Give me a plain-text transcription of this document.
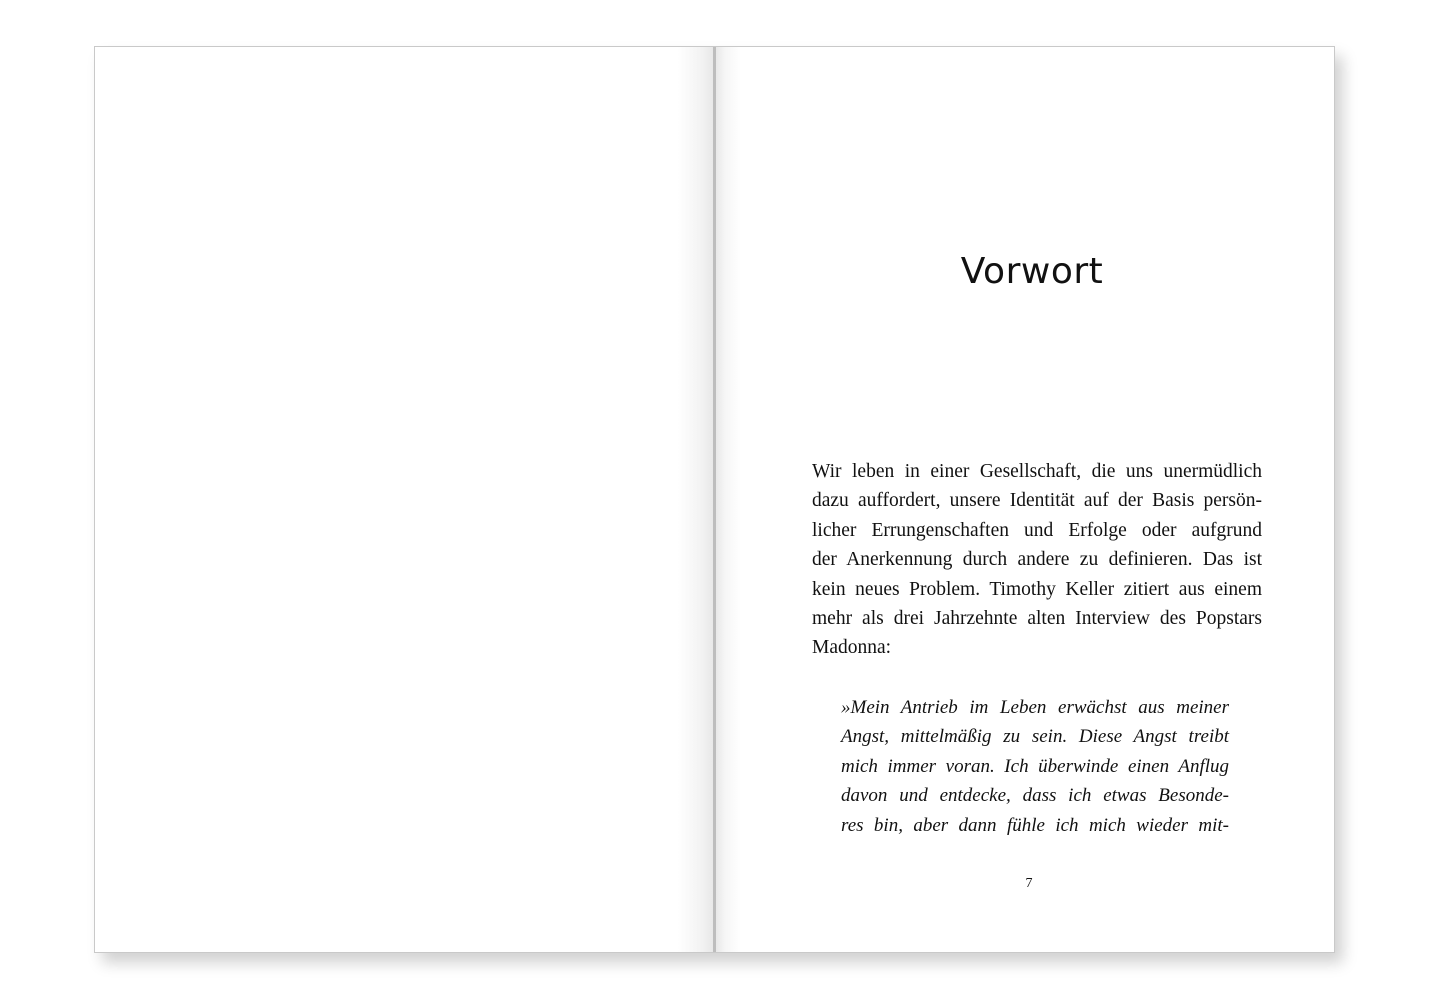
Vorwort

Wir leben in einer Gesellschaft, die uns unermüdlich
dazu auffordert, unsere Identität auf der Basis persön-
licher Errungenschaften und Erfolge oder aufgrund
der Anerkennung durch andere zu definieren. Das ist
kein neues Problem. Timothy Keller zitiert aus einem
mehr als drei Jahrzehnte alten Interview des Popstars
Madonna:

»Mein Antrieb im Leben erwächst aus meiner
Angst, mittelmäßig zu sein. Diese Angst treibt
mich immer voran. Ich überwinde einen Anflug
davon und entdecke, dass ich etwas Besonde-
res bin, aber dann fühle ich mich wieder mit-
7
